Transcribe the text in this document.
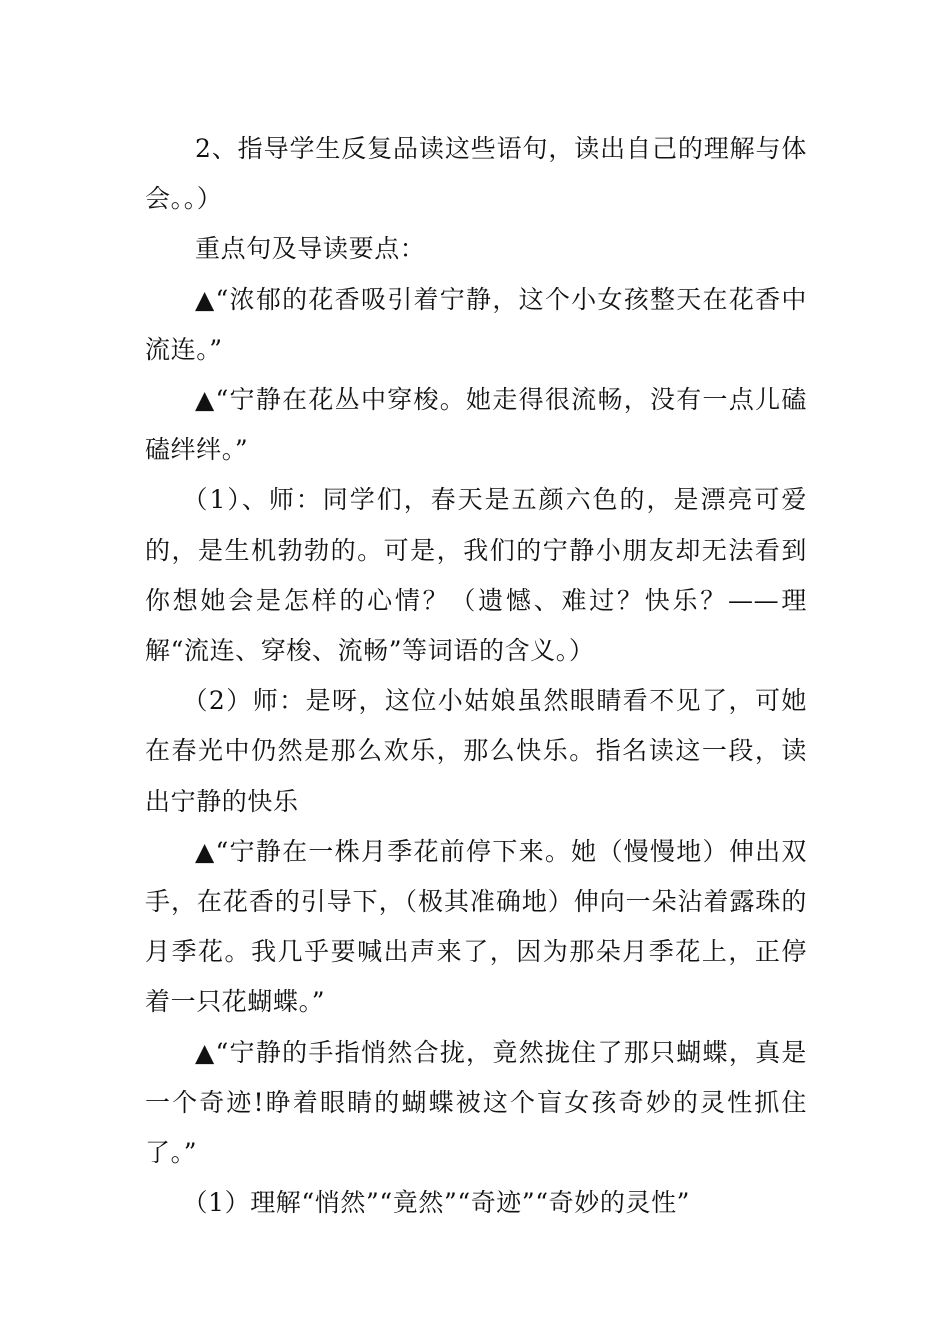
2、指导学生反复品读这些语句，读出自己的理解与体会。。）

重点句及导读要点：

▲“浓郁的花香吸引着宁静，这个小女孩整天在花香中流连。”

▲“宁静在花丛中穿梭。她走得很流畅，没有一点儿磕磕绊绊。”

（1）、师：同学们，春天是五颜六色的，是漂亮可爱的，是生机勃勃的。可是，我们的宁静小朋友却无法看到你想她会是怎样的心情？（遗憾、难过？快乐？——理解“流连、穿梭、流畅”等词语的含义。）

（2）师：是呀，这位小姑娘虽然眼睛看不见了，可她在春光中仍然是那么欢乐，那么快乐。指名读这一段，读出宁静的快乐

▲“宁静在一株月季花前停下来。她（慢慢地）伸出双手，在花香的引导下，（极其准确地）伸向一朵沾着露珠的月季花。我几乎要喊出声来了，因为那朵月季花上，正停着一只花蝴蝶。”

▲“宁静的手指悄然合拢，竟然拢住了那只蝴蝶，真是一个奇迹!睁着眼睛的蝴蝶被这个盲女孩奇妙的灵性抓住了。”

（1）理解“悄然”“竟然”“奇迹”“奇妙的灵性”
